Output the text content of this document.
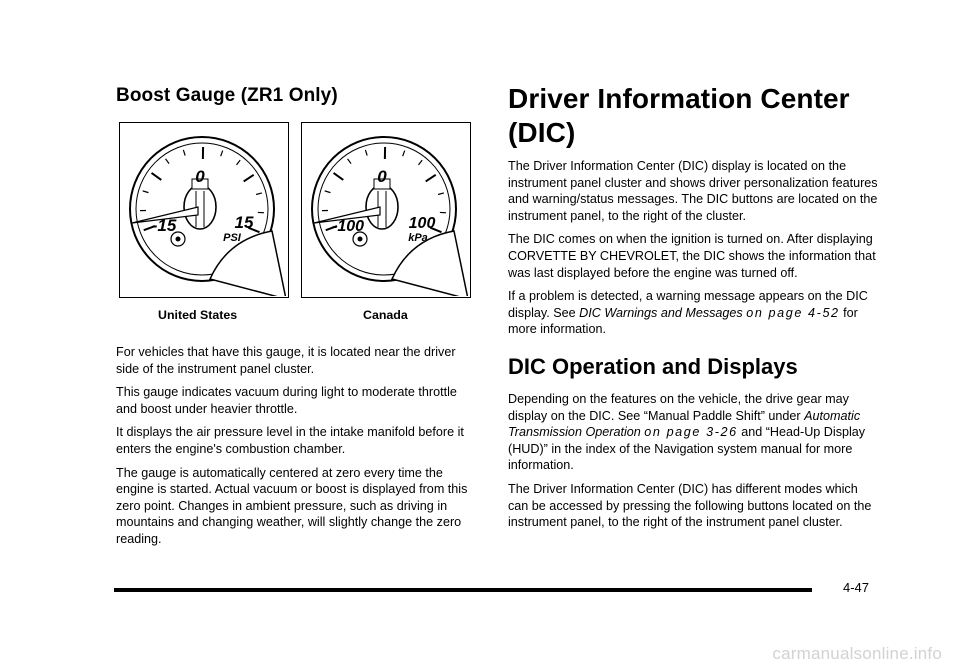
Boost Gauge (ZR1 Only)
0
-15	15
PSI
0
-100	100
kPa
United States	Canada

For vehicles that have this gauge, it is located near the driver side of the instrument panel cluster.

This gauge indicates vacuum during light to moderate throttle and boost under heavier throttle.

It displays the air pressure level in the intake manifold before it enters the engine's combustion chamber.

The gauge is automatically centered at zero every time the engine is started. Actual vacuum or boost is displayed from this zero point. Changes in ambient pressure, such as driving in mountains and changing weather, will slightly change the zero reading.

Driver Information Center (DIC)

The Driver Information Center (DIC) display is located on the instrument panel cluster and shows driver personalization features and warning/status messages. The DIC buttons are located on the instrument panel, to the right of the cluster.

The DIC comes on when the ignition is turned on. After displaying CORVETTE BY CHEVROLET, the DIC shows the information that was last displayed before the engine was turned off.

If a problem is detected, a warning message appears on the DIC display. See DIC Warnings and Messages on page 4‑52 for more information.

DIC Operation and Displays

Depending on the features on the vehicle, the drive gear may display on the DIC. See “Manual Paddle Shift” under Automatic Transmission Operation on page 3‑26 and “Head-Up Display (HUD)” in the index of the Navigation system manual for more information.

The Driver Information Center (DIC) has different modes which can be accessed by pressing the following buttons located on the instrument panel, to the right of the instrument panel cluster.

4-47
carmanualsonline.info
